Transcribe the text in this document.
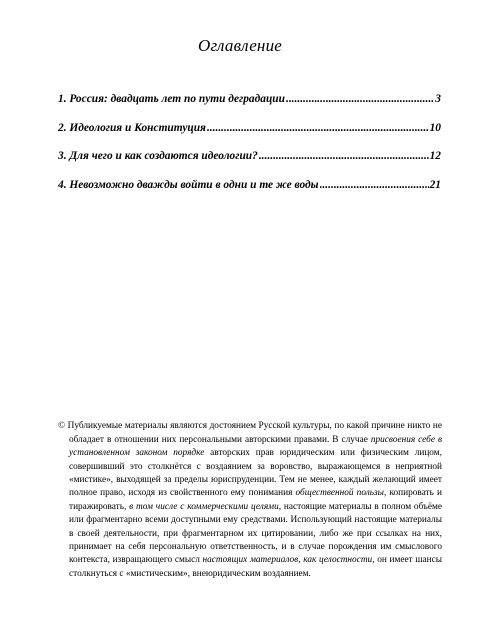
Оглавление
1. Россия: двадцать лет по пути деградации .....	3
2. Идеология и Конституция .....	10
3. Для чего и как создаются идеологии? .....	12
4. Невозможно дважды войти в одни и те же воды .....	21

© Публикуемые материалы являются достоянием Русской культуры, по какой причине никто не обладает в отношении них персональными авторскими правами. В случае присвоения себе в установленном законом порядке авторских прав юридическим или физическим лицом, совершивший это столкнётся с воздаянием за воровство, выражающемся в неприятной «мистике», выходящей за пределы юриспруденции. Тем не менее, каждый желающий имеет полное право, исходя из свойственного ему понимания общественной пользы, копировать и тиражировать, в том числе с коммерческими целями, настоящие материалы в полном объёме или фрагментарно всеми доступными ему средствами. Использующий настоящие материалы в своей деятельности, при фрагментарном их цитировании, либо же при ссылках на них, принимает на себя персональную ответственность, и в случае порождения им смыслового контекста, извращающего смысл настоящих материалов, как целостности, он имеет шансы столкнуться с «мистическим», внеюридическим воздаянием.
